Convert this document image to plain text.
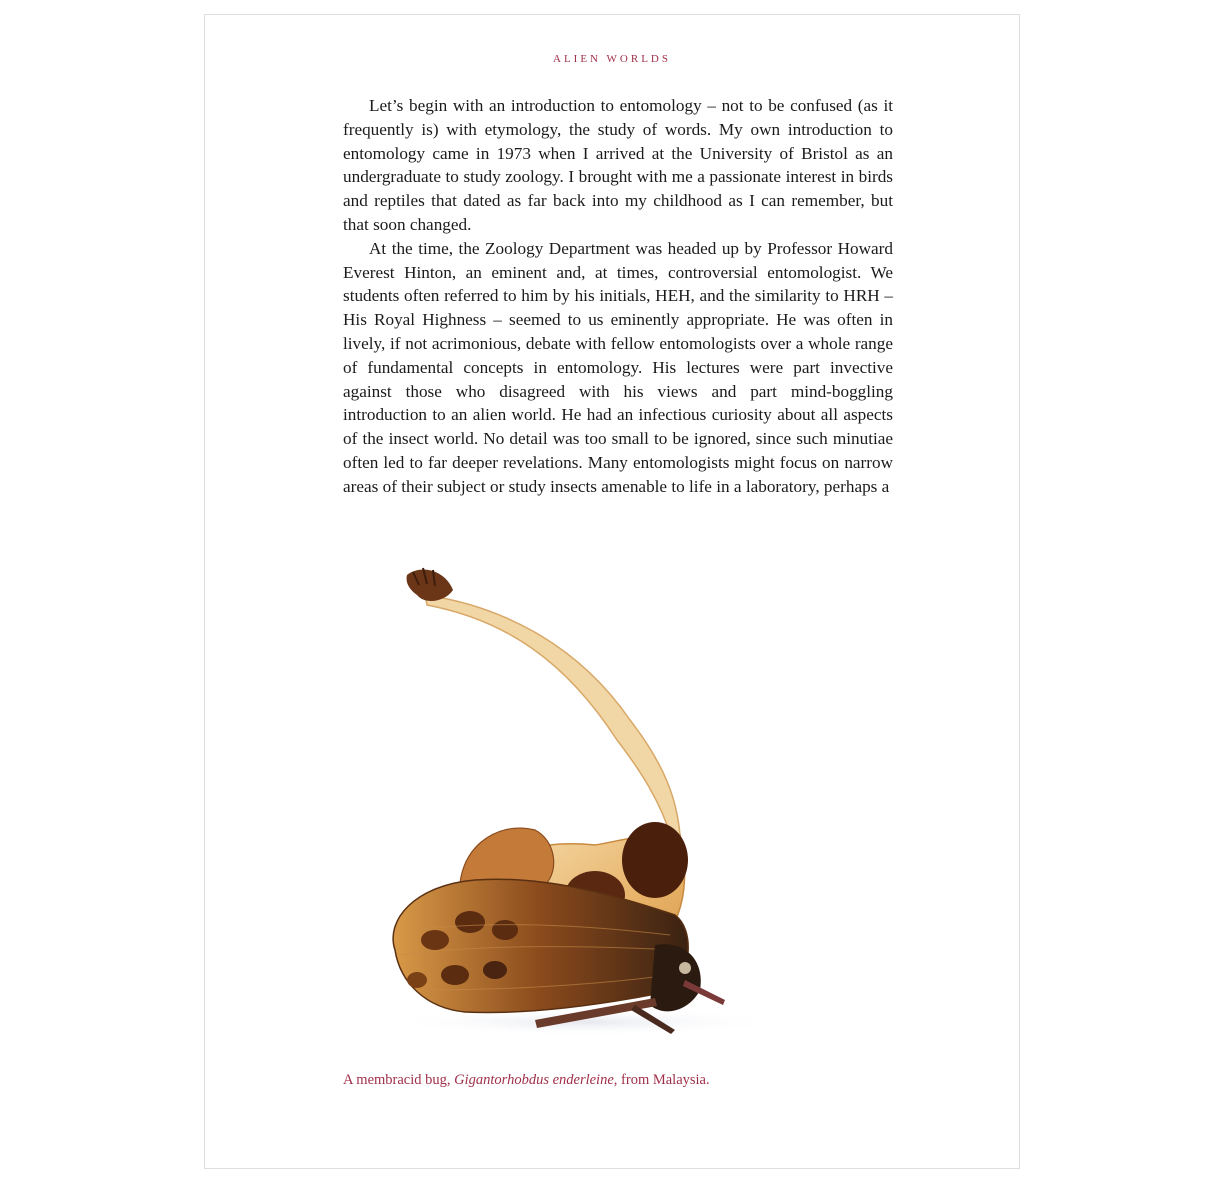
ALIEN WORLDS

Let’s begin with an introduction to entomology – not to be confused (as it frequently is) with etymology, the study of words. My own introduction to entomology came in 1973 when I arrived at the University of Bristol as an undergraduate to study zoology. I brought with me a passionate interest in birds and reptiles that dated as far back into my childhood as I can remember, but that soon changed.

At the time, the Zoology Department was headed up by Professor Howard Everest Hinton, an eminent and, at times, controversial entomologist. We students often referred to him by his initials, HEH, and the similarity to HRH – His Royal Highness – seemed to us eminently appropriate. He was often in lively, if not acrimonious, debate with fellow entomologists over a whole range of fundamental concepts in entomology. His lectures were part invective against those who disagreed with his views and part mind-boggling introduction to an alien world. He had an infectious curiosity about all aspects of the insect world. No detail was too small to be ignored, since such minutiae often led to far deeper revelations. Many entomologists might focus on narrow areas of their subject or study insects amenable to life in a laboratory, perhaps a

A membracid bug, Gigantorhobdus enderleine, from Malaysia.
